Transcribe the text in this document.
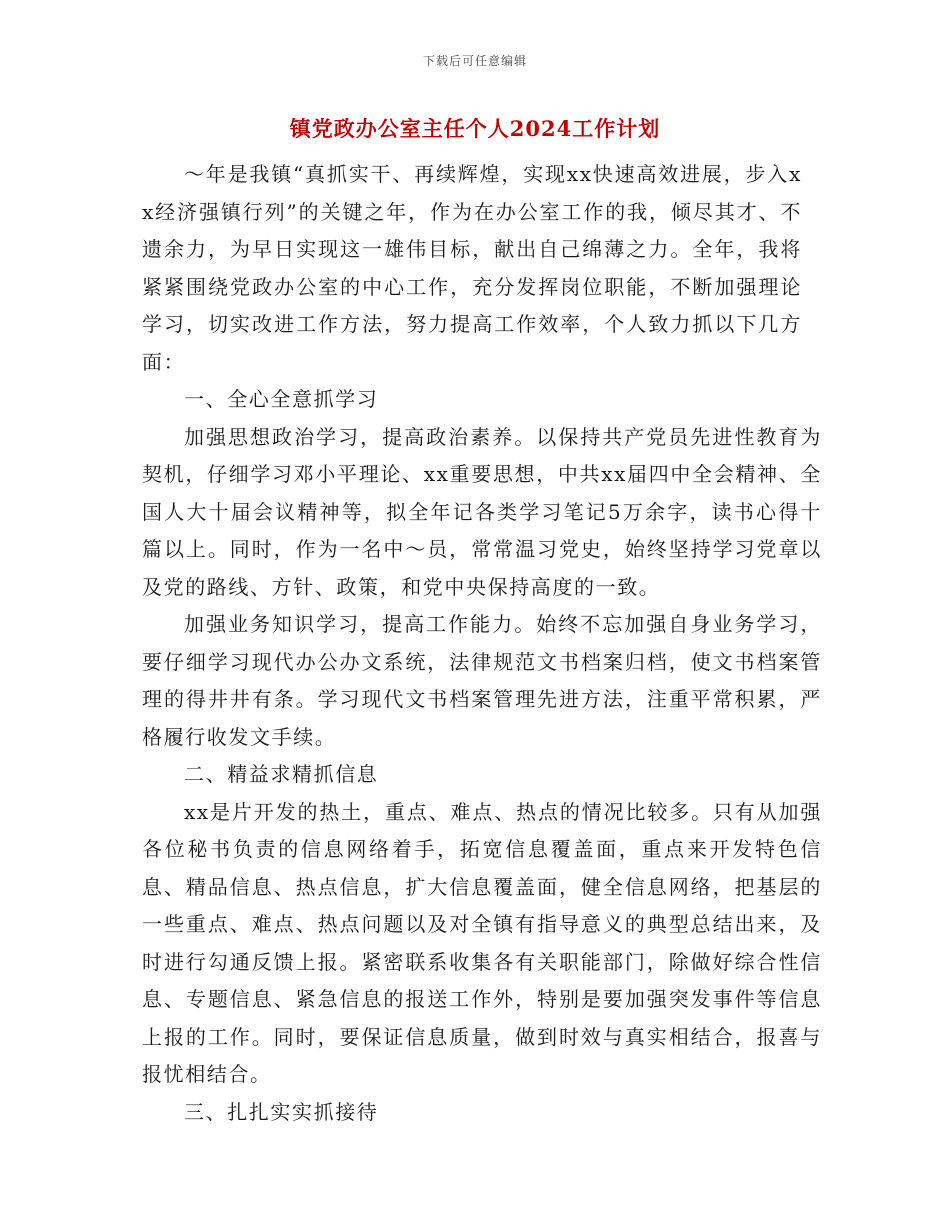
下载后可任意编辑
镇党政办公室主任个人2024工作计划

～年是我镇“真抓实干、再续辉煌，实现xx快速高效进展，步入xx经济强镇行列”的关键之年，作为在办公室工作的我，倾尽其才、不遗余力，为早日实现这一雄伟目标，献出自己绵薄之力。全年，我将紧紧围绕党政办公室的中心工作，充分发挥岗位职能，不断加强理论学习，切实改进工作方法，努力提高工作效率，个人致力抓以下几方面：

一、全心全意抓学习

加强思想政治学习，提高政治素养。以保持共产党员先进性教育为契机，仔细学习邓小平理论、xx重要思想，中共xx届四中全会精神、全国人大十届会议精神等，拟全年记各类学习笔记5万余字，读书心得十篇以上。同时，作为一名中～员，常常温习党史，始终坚持学习党章以及党的路线、方针、政策，和党中央保持高度的一致。

加强业务知识学习，提高工作能力。始终不忘加强自身业务学习，要仔细学习现代办公办文系统，法律规范文书档案归档，使文书档案管理的得井井有条。学习现代文书档案管理先进方法，注重平常积累，严格履行收发文手续。

二、精益求精抓信息

xx是片开发的热土，重点、难点、热点的情况比较多。只有从加强各位秘书负责的信息网络着手，拓宽信息覆盖面，重点来开发特色信息、精品信息、热点信息，扩大信息覆盖面，健全信息网络，把基层的一些重点、难点、热点问题以及对全镇有指导意义的典型总结出来，及时进行勾通反馈上报。紧密联系收集各有关职能部门，除做好综合性信息、专题信息、紧急信息的报送工作外，特别是要加强突发事件等信息上报的工作。同时，要保证信息质量，做到时效与真实相结合，报喜与报忧相结合。

三、扎扎实实抓接待
